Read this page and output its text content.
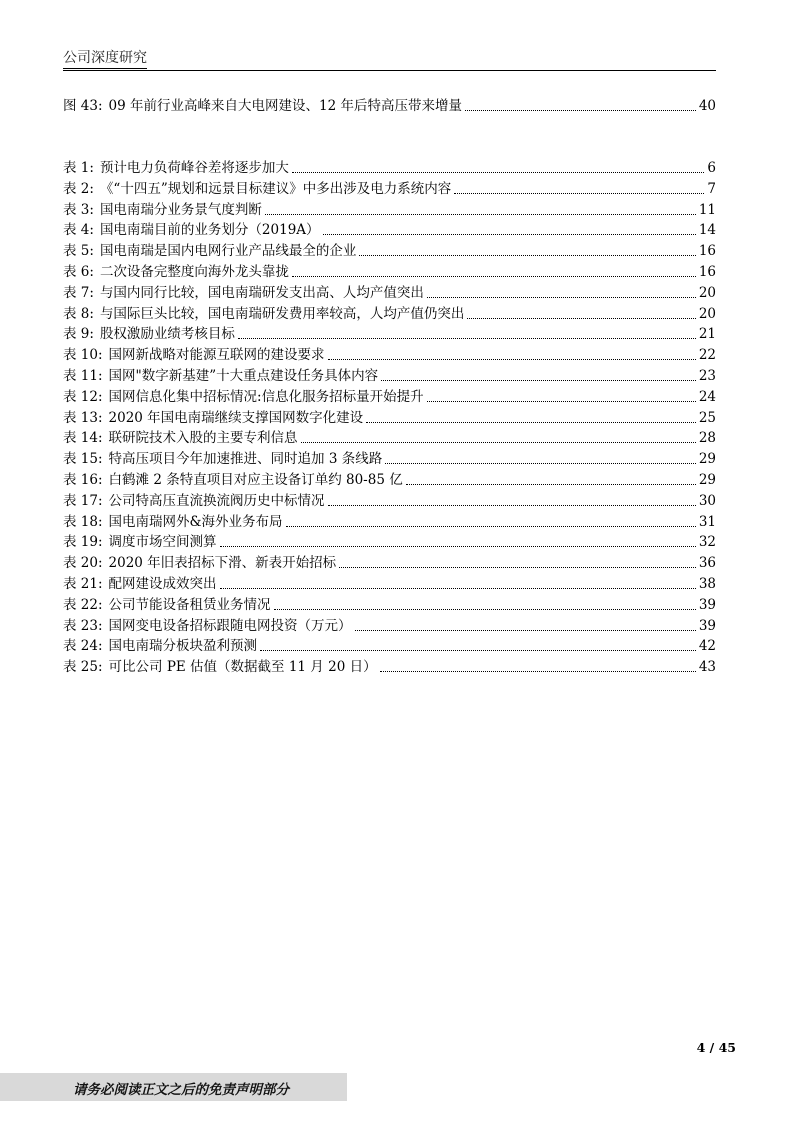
公司深度研究
图 43: 09 年前行业高峰来自大电网建设、12 年后特高压带来增量	40
表 1: 预计电力负荷峰谷差将逐步加大	6
表 2: 《“十四五”规划和远景目标建议》中多出涉及电力系统内容	7
表 3: 国电南瑞分业务景气度判断	11
表 4: 国电南瑞目前的业务划分（2019A）	14
表 5: 国电南瑞是国内电网行业产品线最全的企业	16
表 6: 二次设备完整度向海外龙头靠拢	16
表 7: 与国内同行比较，国电南瑞研发支出高、人均产值突出	20
表 8: 与国际巨头比较，国电南瑞研发费用率较高，人均产值仍突出	20
表 9: 股权激励业绩考核目标	21
表 10: 国网新战略对能源互联网的建设要求	22
表 11: 国网"数字新基建”十大重点建设任务具体内容	23
表 12: 国网信息化集中招标情况:信息化服务招标量开始提升	24
表 13: 2020 年国电南瑞继续支撑国网数字化建设	25
表 14: 联研院技术入股的主要专利信息	28
表 15: 特高压项目今年加速推进、同时追加 3 条线路	29
表 16: 白鹤滩 2 条特直项目对应主设备订单约 80-85 亿	29
表 17: 公司特高压直流换流阀历史中标情况	30
表 18: 国电南瑞网外&海外业务布局	31
表 19: 调度市场空间测算	32
表 20: 2020 年旧表招标下滑、新表开始招标	36
表 21: 配网建设成效突出	38
表 22: 公司节能设备租赁业务情况	39
表 23: 国网变电设备招标跟随电网投资（万元）	39
表 24: 国电南瑞分板块盈利预测	42
表 25: 可比公司 PE 估值（数据截至 11 月 20 日）	43
4 / 45
请务必阅读正文之后的免责声明部分
